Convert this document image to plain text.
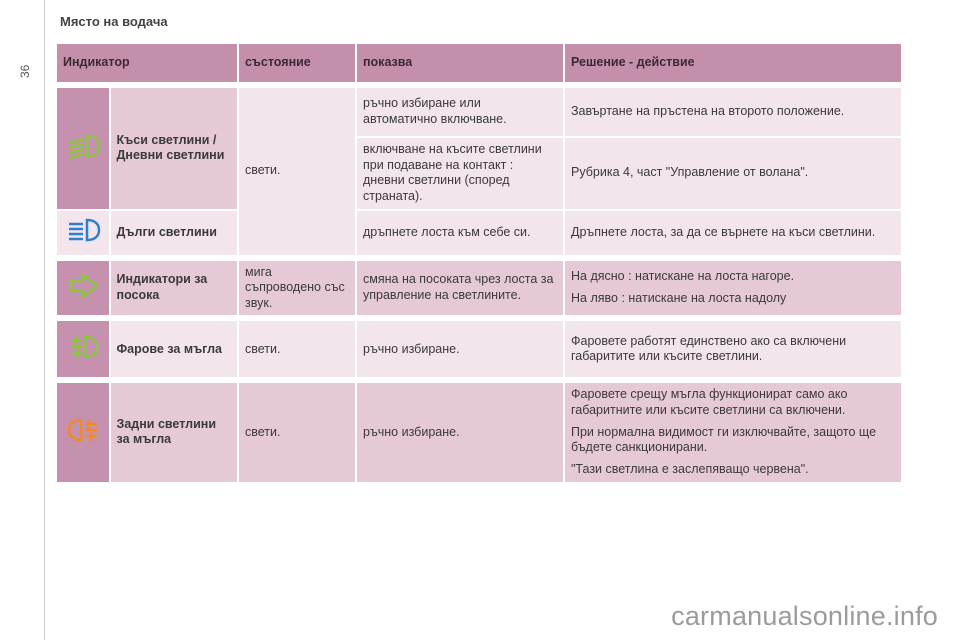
36
Място на водача
Индикатор		състояние	показва	Решение - действие

	Къси светлини / Дневни светлини	свети.	ръчно избиране или автоматично включване.	Завъртане на пръстена на второто положение.
			включване на късите светлини при подаване на контакт : дневни светлини (според страната).	Рубрика 4, част "Управление от волана".
	Дълги светлини		дръпнете лоста към себе си.	Дръпнете лоста, за да се върнете на къси светлини.

	Индикатори за посока	мига съпроводено със звук.	смяна на посоката чрез лоста за управление на светлините.	На дясно : натискане на лоста нагоре.

На ляво : натискане на лоста надолу

	Фарове за мъгла	свети.	ръчно избиране.	Фаровете работят единствено ако са включени габаритите или късите светлини.

	Задни светлини за мъгла	свети.	ръчно избиране.	Фаровете срещу мъгла функционират само ако габаритните или късите светлини са включени.

При нормална видимост ги изключвайте, защото ще бъдете санкционирани.

"Тази светлина е заслепяващо червена".

carmanualsonline.info
